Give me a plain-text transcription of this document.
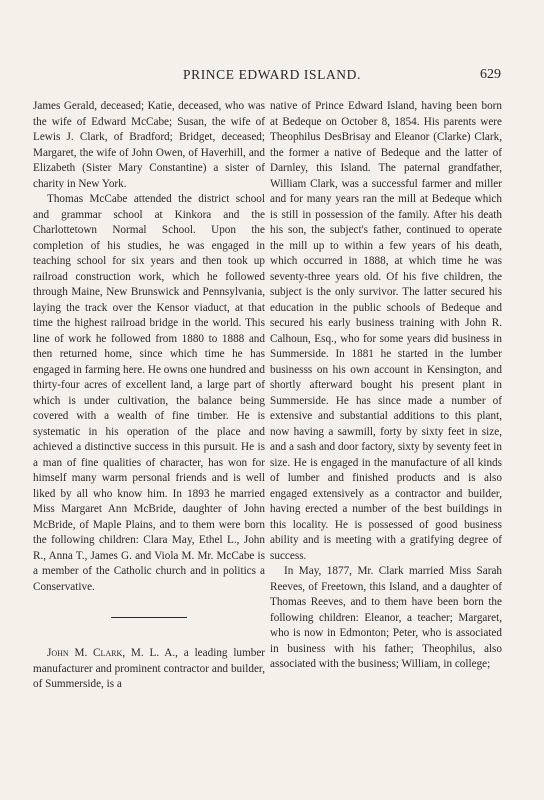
PRINCE EDWARD ISLAND.	629

James Gerald, deceased; Katie, deceased, who was the wife of Edward McCabe; Susan, the wife of Lewis J. Clark, of Bradford; Bridget, deceased; Margaret, the wife of John Owen, of Haverhill, and Elizabeth (Sister Mary Constantine) a sister of charity in New York.

Thomas McCabe attended the district school and grammar school at Kinkora and the Charlottetown Normal School. Upon the completion of his studies, he was engaged in teaching school for six years and then took up railroad construction work, which he followed through Maine, New Brunswick and Pennsylvania, laying the track over the Kensor viaduct, at that time the highest railroad bridge in the world. This line of work he followed from 1880 to 1888 and then returned home, since which time he has engaged in farming here. He owns one hundred and thirty-four acres of excellent land, a large part of which is under cultivation, the balance being covered with a wealth of fine timber. He is systematic in his operation of the place and achieved a distinctive success in this pursuit. He is a man of fine qualities of character, has won for himself many warm personal friends and is well liked by all who know him. In 1893 he married Miss Margaret Ann McBride, daughter of John McBride, of Maple Plains, and to them were born the following children: Clara May, Ethel L., John R., Anna T., James G. and Viola M. Mr. McCabe is a member of the Catholic church and in politics a Conservative.

John M. Clark, M. L. A., a leading lumber manufacturer and prominent contractor and builder, of Summerside, is a

native of Prince Edward Island, having been born at Bedeque on October 8, 1854. His parents were Theophilus DesBrisay and Eleanor (Clarke) Clark, the former a native of Bedeque and the latter of Darnley, this Island. The paternal grandfather, William Clark, was a successful farmer and miller and for many years ran the mill at Bedeque which is still in possession of the family. After his death his son, the subject's father, continued to operate the mill up to within a few years of his death, which occurred in 1888, at which time he was seventy-three years old. Of his five children, the subject is the only survivor. The latter secured his education in the public schools of Bedeque and secured his early business training with John R. Calhoun, Esq., who for some years did business in Summerside. In 1881 he started in the lumber businesss on his own account in Kensington, and shortly afterward bought his present plant in Summerside. He has since made a number of extensive and substantial additions to this plant, now having a sawmill, forty by sixty feet in size, and a sash and door factory, sixty by seventy feet in size. He is engaged in the manufacture of all kinds of lumber and finished products and is also engaged extensively as a contractor and builder, having erected a number of the best buildings in this locality. He is possessed of good business ability and is meeting with a gratifying degree of success.

In May, 1877, Mr. Clark married Miss Sarah Reeves, of Freetown, this Island, and a daughter of Thomas Reeves, and to them have been born the following children: Eleanor, a teacher; Margaret, who is now in Edmonton; Peter, who is associated in business with his father; Theophilus, also associated with the business; William, in college;
